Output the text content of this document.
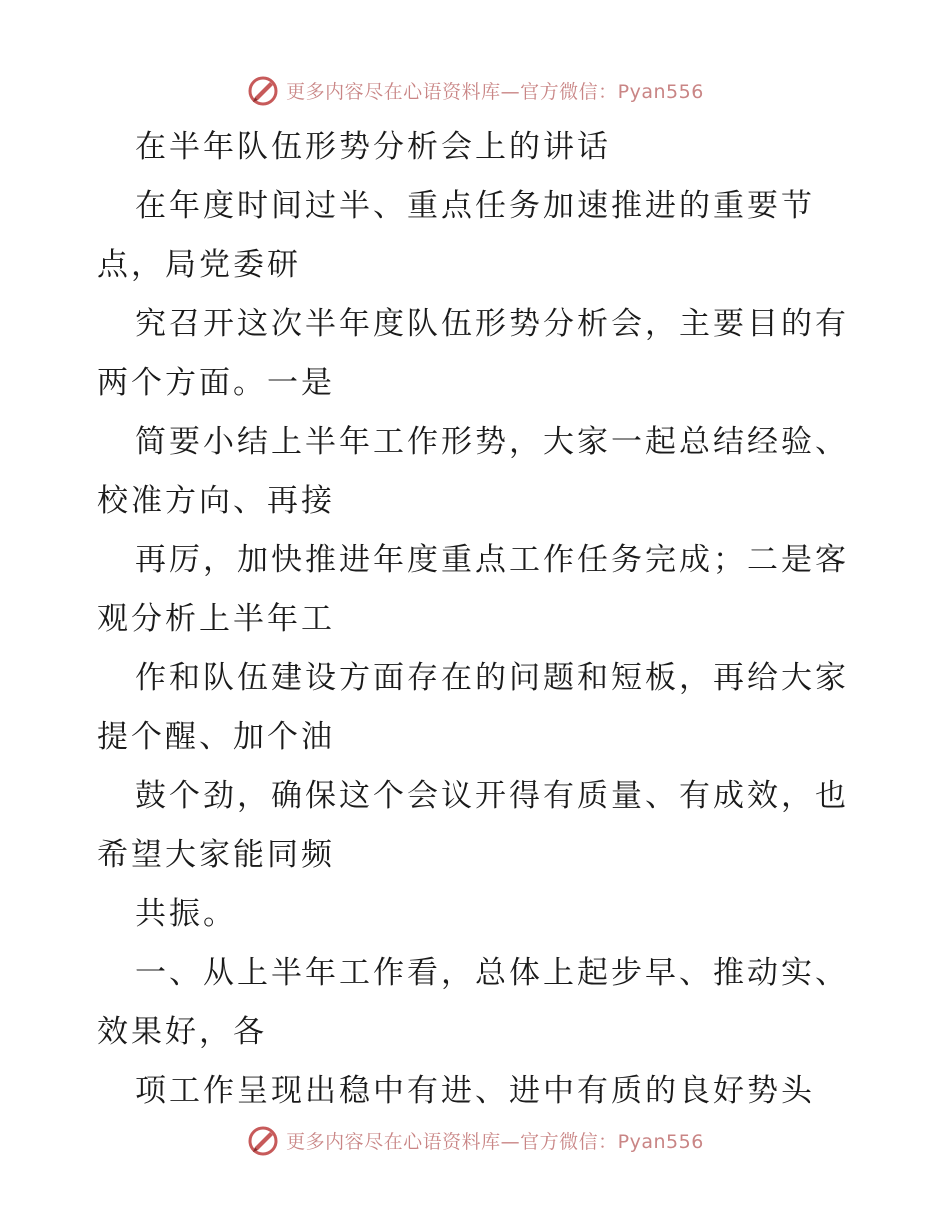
更多内容尽在心语资料库—官方微信：Pyan556
在半年队伍形势分析会上的讲话
在年度时间过半、重点任务加速推进的重要节
点，局党委研
究召开这次半年度队伍形势分析会，主要目的有
两个方面。一是
简要小结上半年工作形势，大家一起总结经验、
校准方向、再接
再厉，加快推进年度重点工作任务完成；二是客
观分析上半年工
作和队伍建设方面存在的问题和短板，再给大家
提个醒、加个油
鼓个劲，确保这个会议开得有质量、有成效，也
希望大家能同频
共振。
一、从上半年工作看，总体上起步早、推动实、
效果好，各
项工作呈现出稳中有进、进中有质的良好势头
更多内容尽在心语资料库—官方微信：Pyan556
